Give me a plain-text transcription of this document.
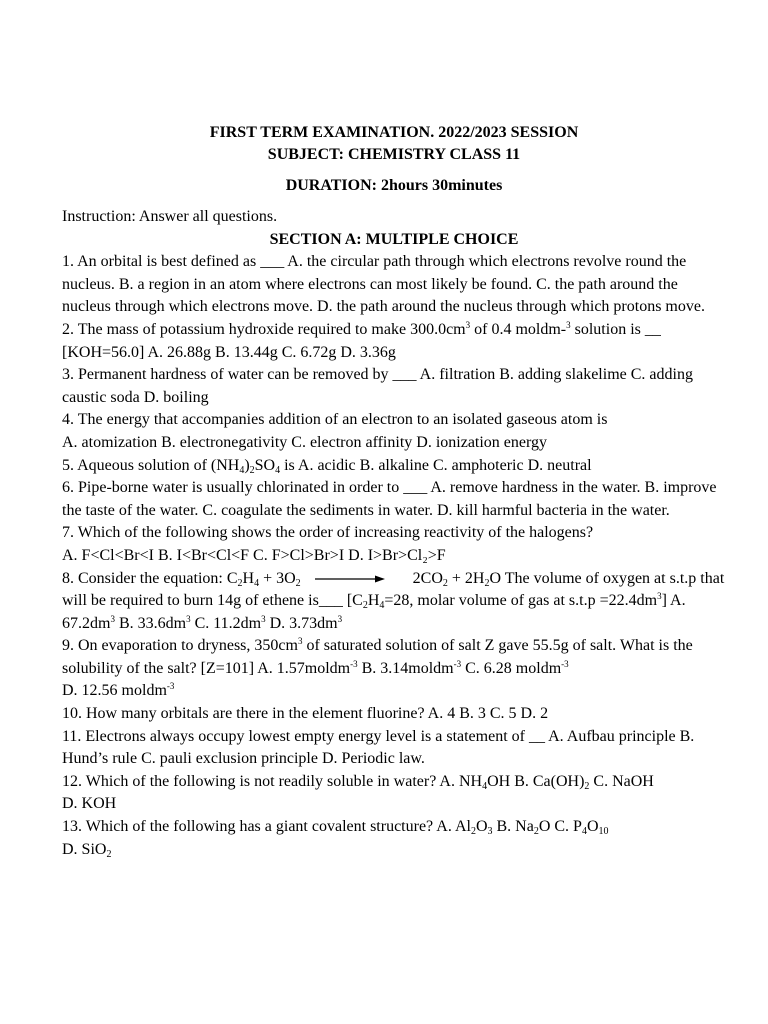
FIRST TERM EXAMINATION. 2022/2023 SESSION
SUBJECT: CHEMISTRY CLASS 11
DURATION: 2hours 30minutes
Instruction: Answer all questions.
SECTION A: MULTIPLE CHOICE
1. An orbital is best defined as ___ A. the circular path through which electrons revolve round the nucleus. B. a region in an atom where electrons can most likely be found. C. the path around the nucleus through which electrons move. D. the path around the nucleus through which protons move.
2. The mass of potassium hydroxide required to make $300.0cm^3$ of 0.4 moldm-$^3$ solution is __ [KOH=56.0] A. 26.88g B. 13.44g C. 6.72g D. 3.36g
3. Permanent hardness of water can be removed by ___ A. filtration B. adding slakelime C. adding caustic soda D. boiling
4. The energy that accompanies addition of an electron to an isolated gaseous atom is
A. atomization B. electronegativity C. electron affinity D. ionization energy
5. Aqueous solution of $(NH_4)_2SO_4$ is A. acidic B. alkaline C. amphoteric D. neutral
6. Pipe-borne water is usually chlorinated in order to ___ A. remove hardness in the water. B. improve the taste of the water. C. coagulate the sediments in water. D. kill harmful bacteria in the water.
7. Which of the following shows the order of increasing reactivity of the halogens?
A. F<Cl<Br<I B. I<Br<Cl<F C. F>Cl>Br>I D. I>Br>Cl₂>F
8. Consider the equation: $C_2H_4 + 3O_2$	$2CO_2 + 2H_2O$ The volume of oxygen at s.t.p that will be required to burn 14g of ethene is___ [$C_2H_4=28$, molar volume of gas at $s.t.p =22.4dm^3$] A. $67.2dm^3$ B. $33.6dm^3$ C. $11.2dm^3$ D. $3.73dm^3$
9. On evaporation to dryness, $350cm^3$ of saturated solution of salt Z gave 55.5g of salt. What is the solubility of the salt? [Z=101] A. 1.57moldm$^{-3}$ B. 3.14moldm$^{-3}$ C. 6.28 moldm$^{-3}$
D. 12.56 moldm$^{-3}$
10. How many orbitals are there in the element fluorine? A. 4 B. 3 C. 5 D. 2
11. Electrons always occupy lowest empty energy level is a statement of __ A. Aufbau principle B. Hund’s rule C. pauli exclusion principle D. Periodic law.
12. Which of the following is not readily soluble in water? A. $NH_4OH$ B. $Ca(OH)_2$ C. NaOH
D. KOH
13. Which of the following has a giant covalent structure? A. $Al_2O_3$ B. $Na_2O$ C. $P_4O_{10}$
D. SiO$_2$
